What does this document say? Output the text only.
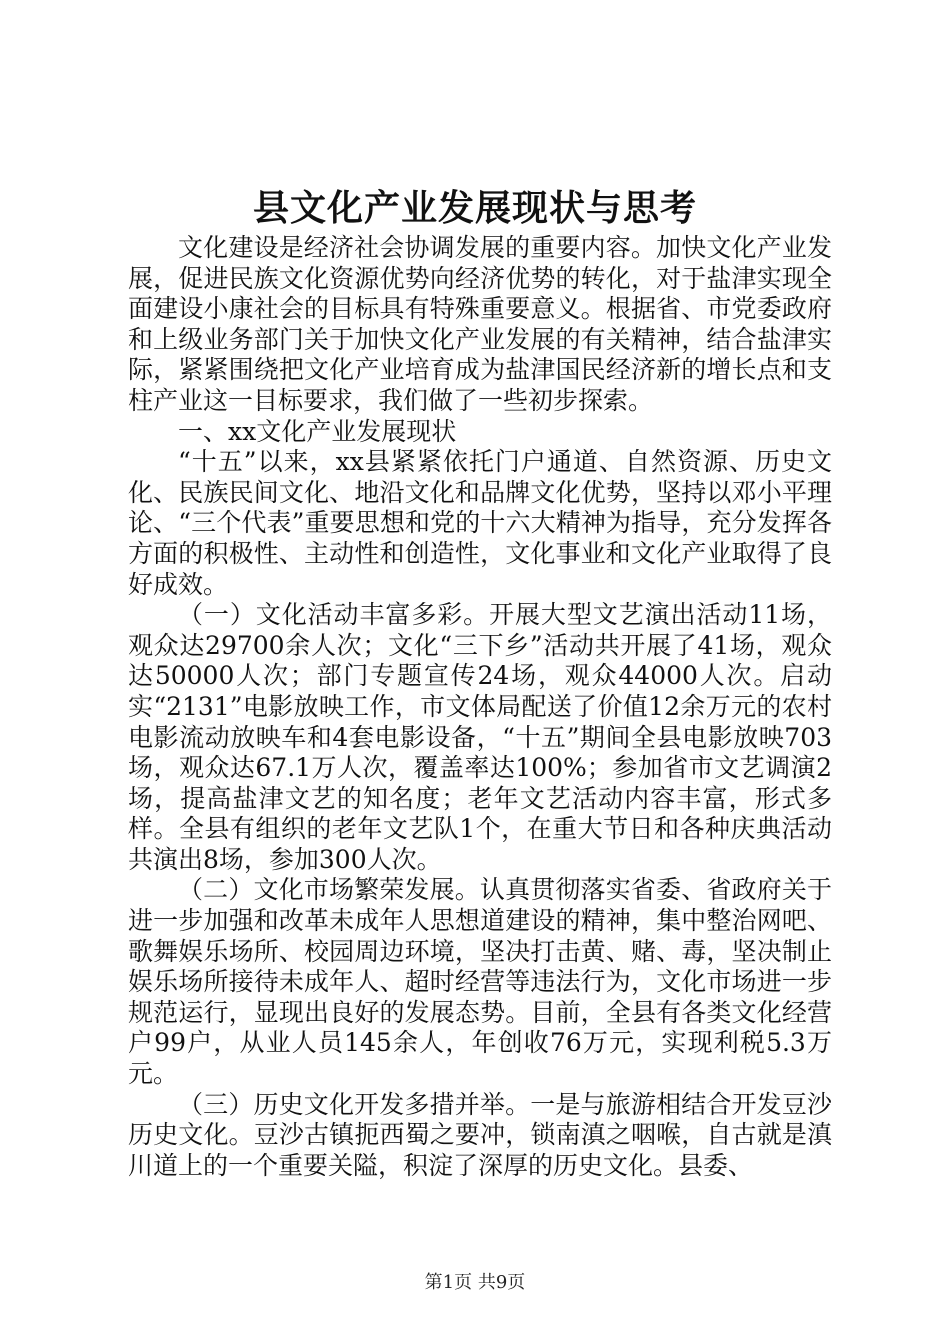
县文化产业发展现状与思考

文化建设是经济社会协调发展的重要内容。加快文化产业发展，促进民族文化资源优势向经济优势的转化，对于盐津实现全面建设小康社会的目标具有特殊重要意义。根据省、市党委政府和上级业务部门关于加快文化产业发展的有关精神，结合盐津实际，紧紧围绕把文化产业培育成为盐津国民经济新的增长点和支柱产业这一目标要求，我们做了一些初步探索。

一、xx文化产业发展现状

“十五”以来，xx县紧紧依托门户通道、自然资源、历史文化、民族民间文化、地沿文化和品牌文化优势，坚持以邓小平理论、“三个代表”重要思想和党的十六大精神为指导，充分发挥各方面的积极性、主动性和创造性，文化事业和文化产业取得了良好成效。

（一）文化活动丰富多彩。开展大型文艺演出活动11场，观众达29700余人次；文化“三下乡”活动共开展了41场，观众达50000人次；部门专题宣传24场，观众44000人次。启动实“2131”电影放映工作，市文体局配送了价值12余万元的农村电影流动放映车和4套电影设备，“十五”期间全县电影放映703场，观众达67.1万人次，覆盖率达100%；参加省市文艺调演2场，提高盐津文艺的知名度；老年文艺活动内容丰富，形式多样。全县有组织的老年文艺队1个，在重大节日和各种庆典活动共演出8场，参加300人次。

（二）文化市场繁荣发展。认真贯彻落实省委、省政府关于进一步加强和改革未成年人思想道建设的精神，集中整治网吧、歌舞娱乐场所、校园周边环境，坚决打击黄、赌、毒，坚决制止娱乐场所接待未成年人、超时经营等违法行为，文化市场进一步规范运行，显现出良好的发展态势。目前，全县有各类文化经营户99户，从业人员145余人，年创收76万元，实现利税5.3万元。

（三）历史文化开发多措并举。一是与旅游相结合开发豆沙历史文化。豆沙古镇扼西蜀之要冲，锁南滇之咽喉，自古就是滇川道上的一个重要关隘，积淀了深厚的历史文化。县委、

第1页 共9页
